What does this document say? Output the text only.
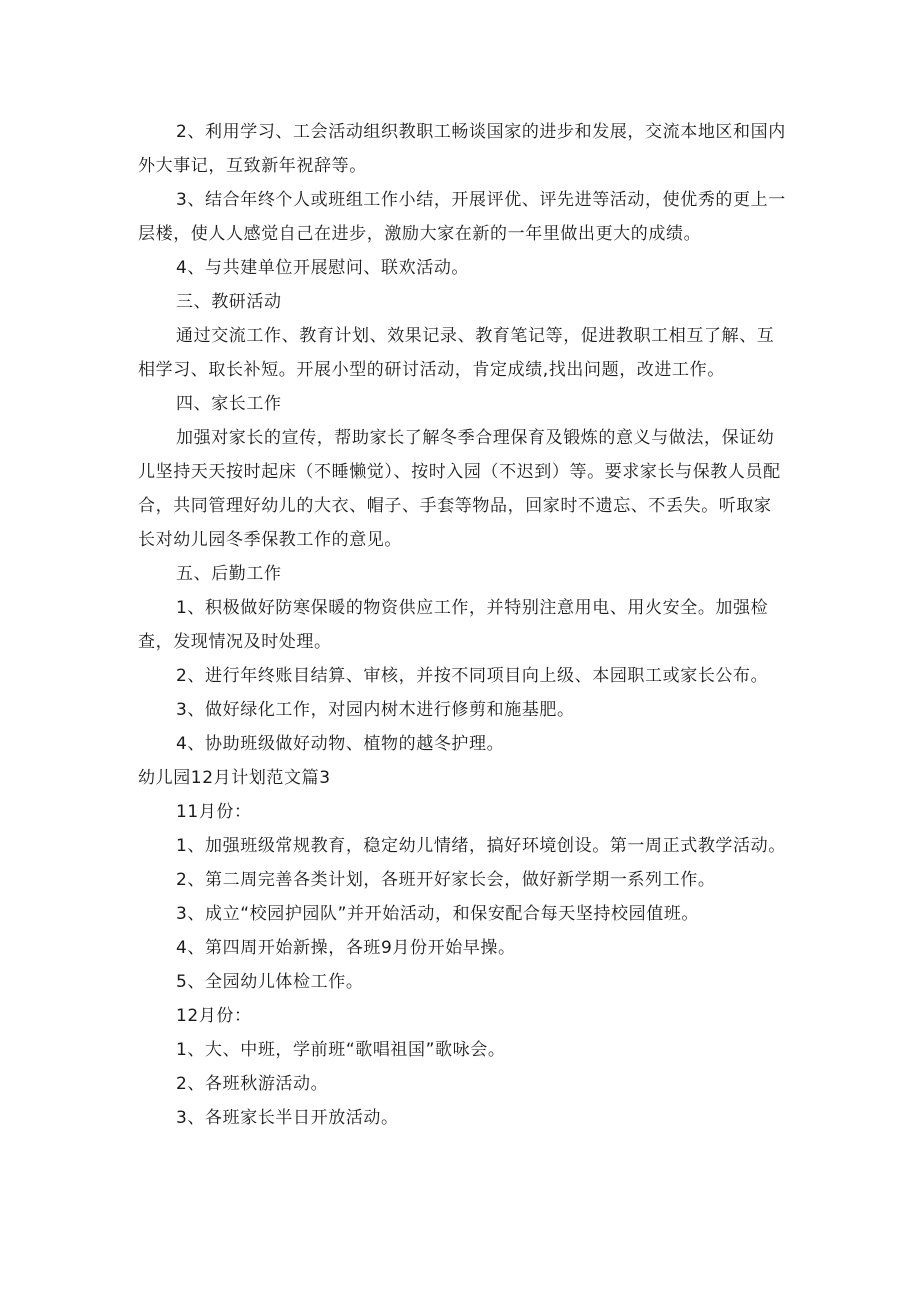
2、利用学习、工会活动组织教职工畅谈国家的进步和发展，交流本地区和国内外大事记，互致新年祝辞等。

3、结合年终个人或班组工作小结，开展评优、评先进等活动，使优秀的更上一层楼，使人人感觉自己在进步，激励大家在新的一年里做出更大的成绩。

4、与共建单位开展慰问、联欢活动。

三、教研活动

通过交流工作、教育计划、效果记录、教育笔记等，促进教职工相互了解、互相学习、取长补短。开展小型的研讨活动，肯定成绩,找出问题，改进工作。

四、家长工作

加强对家长的宣传，帮助家长了解冬季合理保育及锻炼的意义与做法，保证幼儿坚持天天按时起床（不睡懒觉）、按时入园（不迟到）等。要求家长与保教人员配合，共同管理好幼儿的大衣、帽子、手套等物品，回家时不遗忘、不丢失。听取家长对幼儿园冬季保教工作的意见。

五、后勤工作

1、积极做好防寒保暖的物资供应工作，并特别注意用电、用火安全。加强检查，发现情况及时处理。

2、进行年终账目结算、审核，并按不同项目向上级、本园职工或家长公布。

3、做好绿化工作，对园内树木进行修剪和施基肥。

4、协助班级做好动物、植物的越冬护理。

幼儿园12月计划范文篇3

11月份：

1、加强班级常规教育，稳定幼儿情绪，搞好环境创设。第一周正式教学活动。

2、第二周完善各类计划，各班开好家长会，做好新学期一系列工作。

3、成立“校园护园队”并开始活动，和保安配合每天坚持校园值班。

4、第四周开始新操，各班9月份开始早操。

5、全园幼儿体检工作。

12月份：

1、大、中班，学前班“歌唱祖国”歌咏会。

2、各班秋游活动。

3、各班家长半日开放活动。
